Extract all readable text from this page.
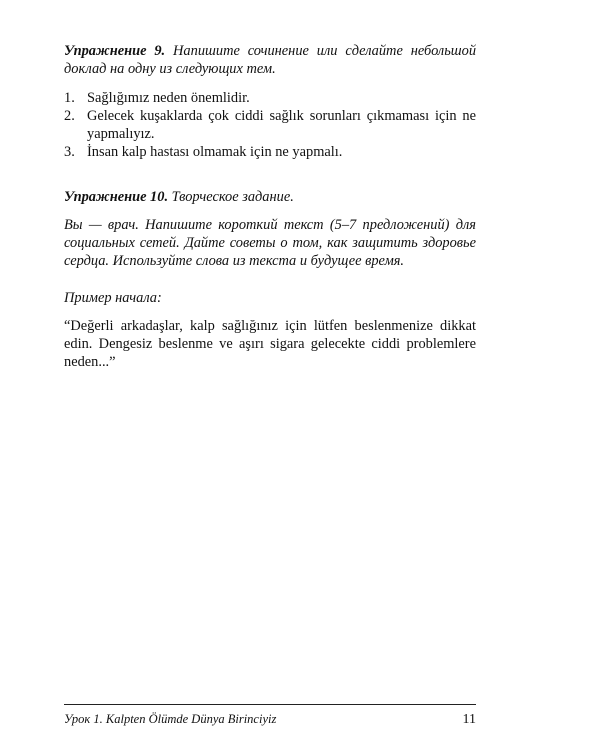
Упражнение 9. Напишите сочинение или сделайте небольшой доклад на одну из следующих тем.

1. Sağlığımız neden önemlidir.
2. Gelecek kuşaklarda çok ciddi sağlık sorunları çıkmaması için ne yapmalıyız.
3. İnsan kalp hastası olmamak için ne yapmalı.

Упражнение 10. Творческое задание.

Вы — врач. Напишите короткий текст (5–7 предложений) для социальных сетей. Дайте советы о том, как защитить здоровье сердца. Используйте слова из текста и будущее время.

Пример начала:

“Değerli arkadaşlar, kalp sağlığınız için lütfen beslenmenize dikkat edin. Dengesiz beslenme ve aşırı sigara gelecekte ciddi problemlere neden...”

Урок 1. Kalpten Ölümde Dünya Birinciyiz	11
